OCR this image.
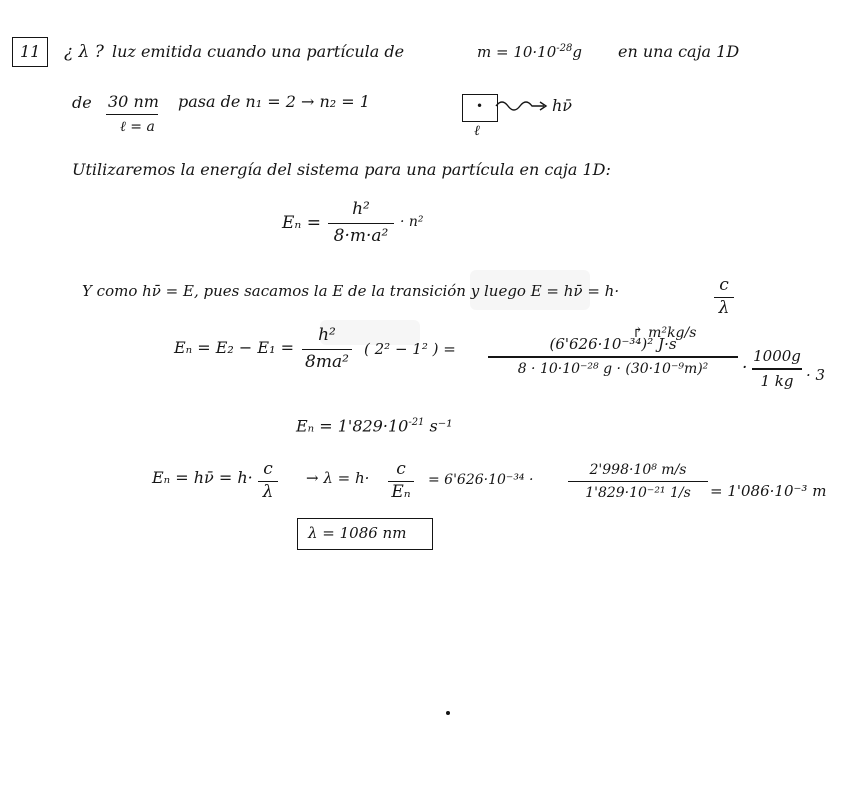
11 ¿ λ ? luz emitida cuando una partícula de	$m = 10\cdot 10^{-28}g$ en una caja 1D
de 30 nm
ℓ = a
pasa de n₁ = 2 → n₂ = 1	•	hν̄
ℓ
Utilizaremos la energía del sistema para una partícula en caja 1D:
Eₙ =
h²
8·m·a²
· n²
Y como hν̄ = E, pues sacamos la E de la transición y luego E = hν̄ = h·	c
λ
Eₙ = E₂ − E₁ =
h²
8ma²
( 2² − 1² ) =
↱ m²kg/s
(6'626·10⁻³⁴)² J·s
8 · 10·10⁻²⁸ g · (30·10⁻⁹m)²	·
1000g
1 kg · 3
$E_n = 1'829\cdot 10^{-21}$ s⁻¹
Eₙ = hν̄ = h· c
λ
→ λ = h·	c
Eₙ
= 6'626·10⁻³⁴ ·
2'998·10⁸ m/s
1'829·10⁻²¹ 1/s	= 1'086·10⁻³ m
λ = 1086 nm
